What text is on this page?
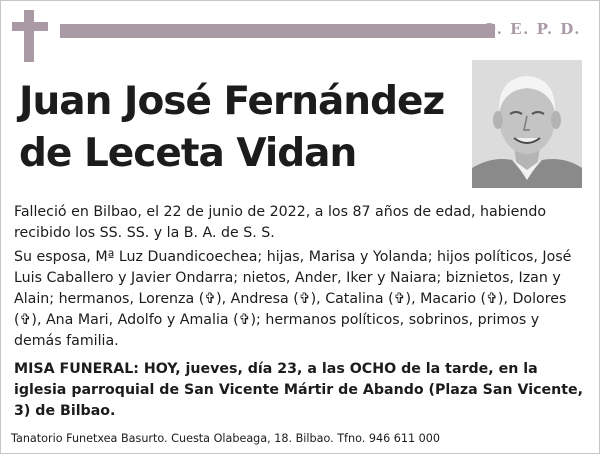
Q. E. P. D.
Juan José Fernández
de Leceta Vidan
Falleció en Bilbao, el 22 de junio de 2022, a los 87 años de edad, habiendo recibido los SS. SS. y la B. A. de S. S.
Su esposa, Mª Luz Duandicoechea; hijas, Marisa y Yolanda; hijos políticos, José Luis Caballero y Javier Ondarra; nietos, Ander, Iker y Naiara; biznietos, Izan y Alain; hermanos, Lorenza (✞), Andresa (✞), Catalina (✞), Macario (✞), Dolores (✞), Ana Mari, Adolfo y Amalia (✞); hermanos políticos, sobrinos, primos y demás familia.
MISA FUNERAL: HOY, jueves, día 23, a las OCHO de la tarde, en la iglesia parroquial de San Vicente Mártir de Abando (Plaza San Vicente, 3) de Bilbao.
Tanatorio Funetxea Basurto. Cuesta Olabeaga, 18. Bilbao. Tfno. 946 611 000
